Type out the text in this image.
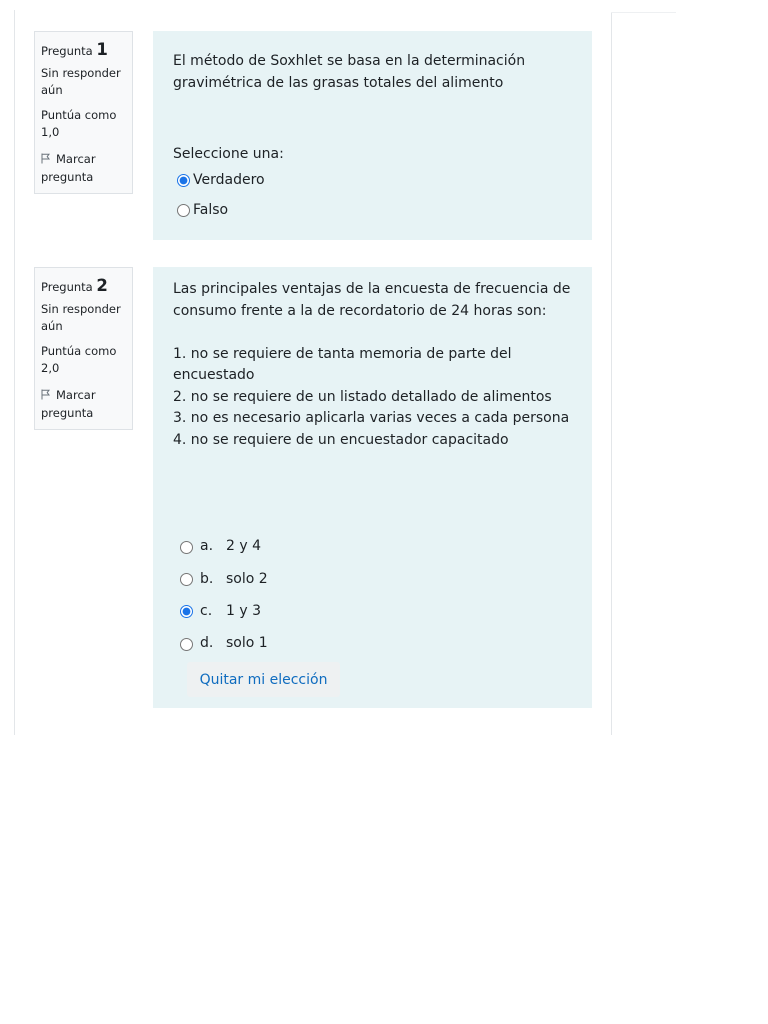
Pregunta 1
Sin responder aún
Puntúa como 1,0
Marcar pregunta
El método de Soxhlet se basa en la determinación
gravimétrica de las grasas totales del alimento
Seleccione una:
Verdadero
Falso
Pregunta 2
Sin responder aún
Puntúa como 2,0
Marcar pregunta
Las principales ventajas de la encuesta de frecuencia de
consumo frente a la de recordatorio de 24 horas son:
1. no se requiere de tanta memoria de parte del
encuestado
2. no se requiere de un listado detallado de alimentos
3. no es necesario aplicarla varias veces a cada persona
4. no se requiere de un encuestador capacitado
a. 2 y 4
b. solo 2
c. 1 y 3
d. solo 1
Quitar mi elección
